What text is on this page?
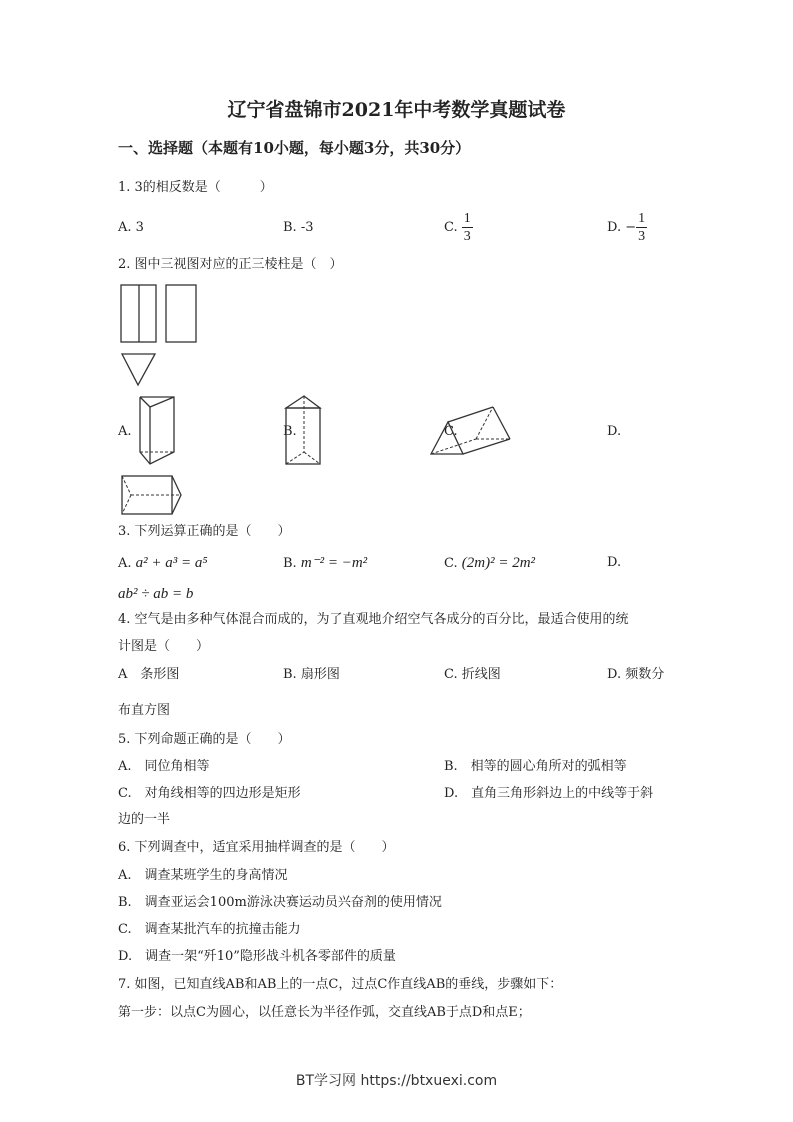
辽宁省盘锦市2021年中考数学真题试卷
一、选择题（本题有10小题，每小题3分，共30分）
1. 3的相反数是（　　　）
A. 3	B. -3	C. $\frac{1}{3}$	D. − $\frac{1}{3}$
2. 图中三视图对应的正三棱柱是（　）
A.	B.	C.	D.
3. 下列运算正确的是（　　）
A. a² + a³ = a⁵	B. m⁻² = −m²	C. (2m)² = 2m²	D.
ab² ÷ ab = b
4. 空气是由多种气体混合而成的，为了直观地介绍空气各成分的百分比，最适合使用的统
计图是（　　）
A　条形图	B. 扇形图	C. 折线图	D. 频数分
布直方图
5. 下列命题正确的是（　　）
A.　同位角相等	B.　相等的圆心角所对的弧相等
C.　对角线相等的四边形是矩形	D.　直角三角形斜边上的中线等于斜
边的一半
6. 下列调查中，适宜采用抽样调查的是（　　）
A.　调查某班学生的身高情况
B.　调查亚运会100m游泳决赛运动员兴奋剂的使用情况
C.　调查某批汽车的抗撞击能力
D.　调查一架“歼10”隐形战斗机各零部件的质量
7. 如图，已知直线AB和AB上的一点C，过点C作直线AB的垂线，步骤如下：
第一步：以点C为圆心，以任意长为半径作弧，交直线AB于点D和点E；
BT学习网 https://btxuexi.com
